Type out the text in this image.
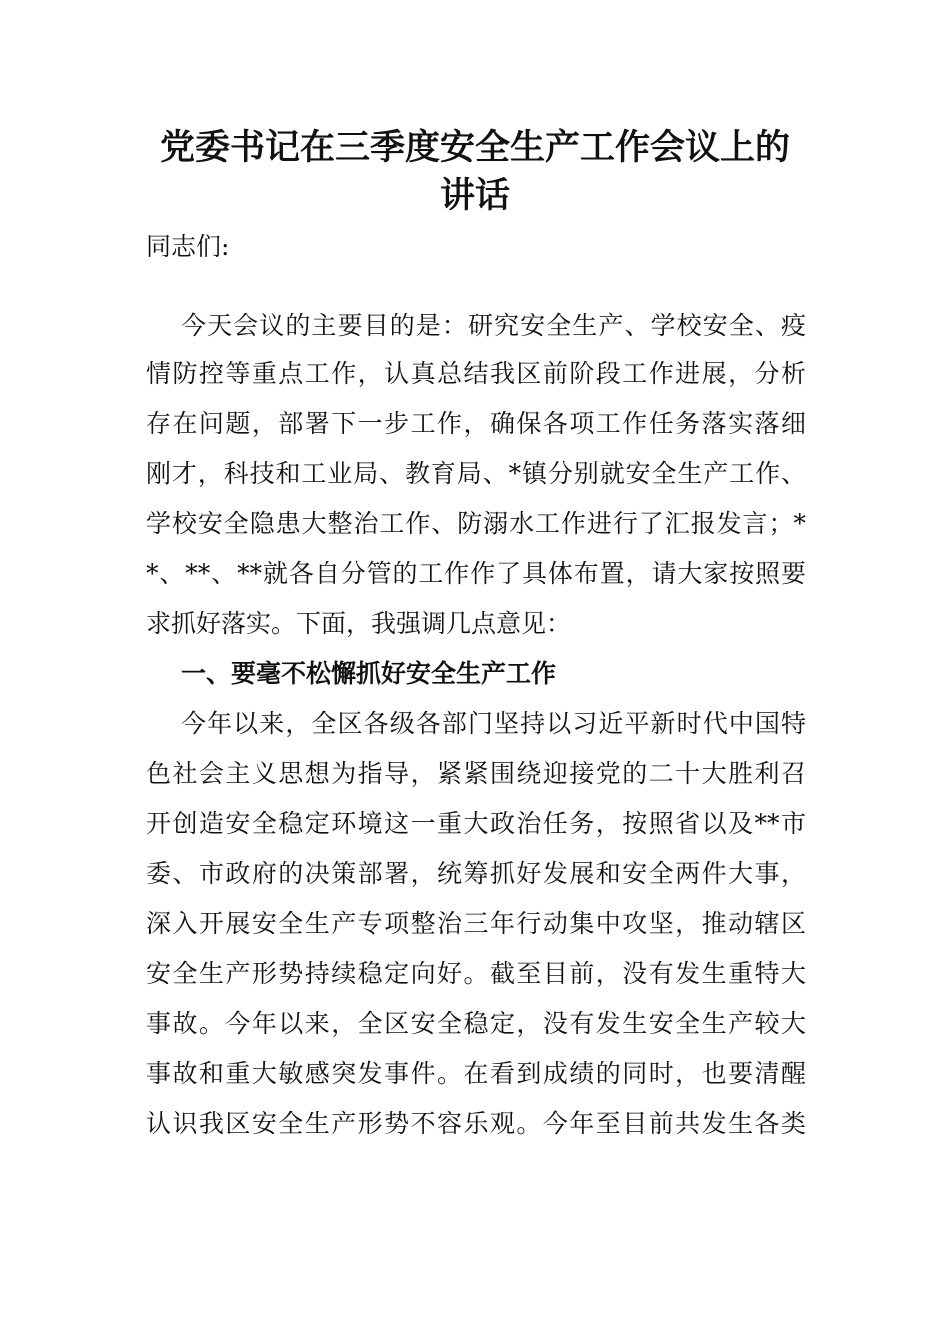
党委书记在三季度安全生产工作会议上的
讲话

同志们:

今天会议的主要目的是：研究安全生产、学校安全、疫

情防控等重点工作，认真总结我区前阶段工作进展，分析

存在问题，部署下一步工作，确保各项工作任务落实落细

刚才，科技和工业局、教育局、*镇分别就安全生产工作、

学校安全隐患大整治工作、防溺水工作进行了汇报发言；*

*、**、**就各自分管的工作作了具体布置，请大家按照要

求抓好落实。下面，我强调几点意见：

一、要毫不松懈抓好安全生产工作

今年以来，全区各级各部门坚持以习近平新时代中国特

色社会主义思想为指导，紧紧围绕迎接党的二十大胜利召

开创造安全稳定环境这一重大政治任务，按照省以及**市

委、市政府的决策部署，统筹抓好发展和安全两件大事，

深入开展安全生产专项整治三年行动集中攻坚，推动辖区

安全生产形势持续稳定向好。截至目前，没有发生重特大

事故。今年以来，全区安全稳定，没有发生安全生产较大

事故和重大敏感突发事件。在看到成绩的同时，也要清醒

认识我区安全生产形势不容乐观。今年至目前共发生各类
